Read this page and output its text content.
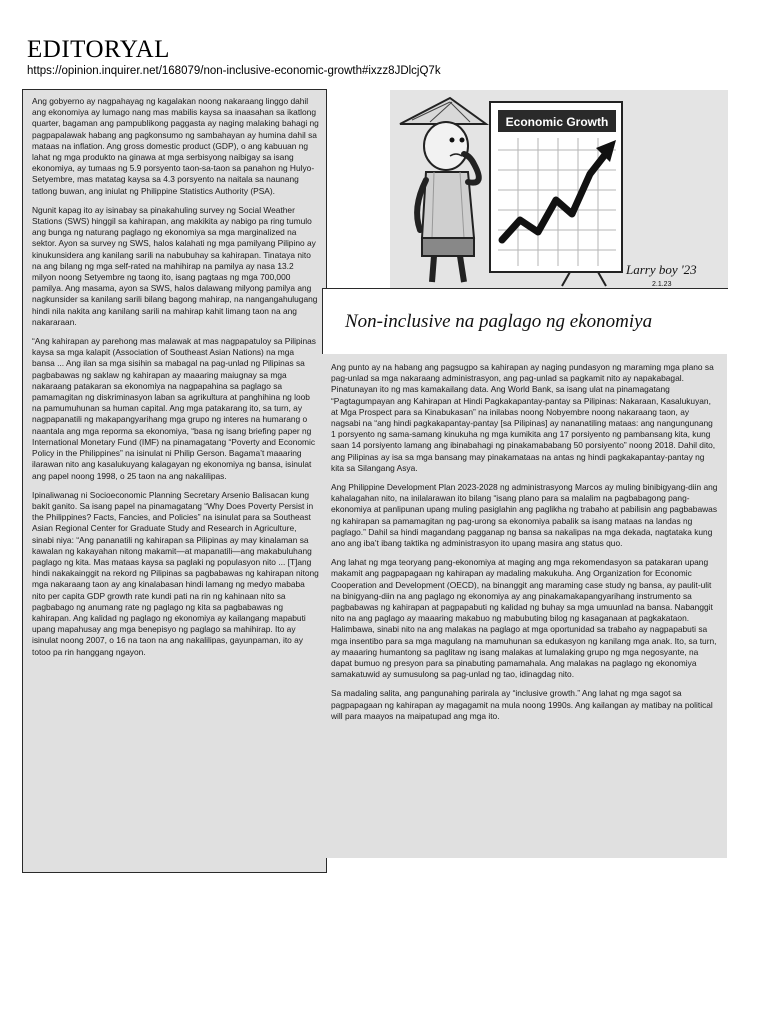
EDITORYAL
https://opinion.inquirer.net/168079/non-inclusive-economic-growth#ixzz8JDlcjQ7k

Ang gobyerno ay nagpahayag ng kagalakan noong nakaraang linggo dahil ang ekonomiya ay lumago nang mas mabilis kaysa sa inaasahan sa ikatlong quarter, bagaman ang pampublikong paggasta ay naging malaking bahagi ng pagpapalawak habang ang pagkonsumo ng sambahayan ay humina dahil sa mataas na inflation. Ang gross domestic product (GDP), o ang kabuuan ng lahat ng mga produkto na ginawa at mga serbisyong naibigay sa isang ekonomiya, ay tumaas ng 5.9 porsyento taon-sa-taon sa panahon ng Hulyo-Setyembre, mas matatag kaysa sa 4.3 porsyento na naitala sa naunang tatlong buwan, ang iniulat ng Philippine Statistics Authority (PSA).

Ngunit kapag ito ay isinabay sa pinakahuling survey ng Social Weather Stations (SWS) hinggil sa kahirapan, ang makikita ay nabigo pa ring tumulo ang bunga ng naturang paglago ng ekonomiya sa mga marginalized na sektor. Ayon sa survey ng SWS, halos kalahati ng mga pamilyang Pilipino ay kinukunsidera ang kanilang sarili na nabubuhay sa kahirapan. Tinataya nito na ang bilang ng mga self-rated na mahihirap na pamilya ay nasa 13.2 milyon noong Setyembre ng taong ito, isang pagtaas ng mga 700,000 pamilya. Ang masama, ayon sa SWS, halos dalawang milyong pamilya ang nagkunsider sa kanilang sarili bilang bagong mahirap, na nangangahulugang hindi nila nakita ang kanilang sarili na mahirap kahit limang taon na ang nakararaan.

“Ang kahirapan ay parehong mas malawak at mas nagpapatuloy sa Pilipinas kaysa sa mga kalapit (Association of Southeast Asian Nations) na mga bansa ... Ang ilan sa mga sisihin sa mabagal na pag-unlad ng Pilipinas sa pagbabawas ng saklaw ng kahirapan ay maaaring maiugnay sa mga nakaraang patakaran sa ekonomiya na nagpapahina sa paglago sa pamamagitan ng diskriminasyon laban sa agrikultura at panghihina ng loob na pamumuhunan sa human capital. Ang mga patakarang ito, sa turn, ay nagpapanatili ng makapangyarihang mga grupo ng interes na humarang o naantala ang mga reporma sa ekonomiya, “basa ng isang briefing paper ng International Monetary Fund (IMF) na pinamagatang “Poverty and Economic Policy in the Philippines” na isinulat ni Philip Gerson. Bagama’t maaaring ilarawan nito ang kasalukuyang kalagayan ng ekonomiya ng bansa, isinulat ang papel noong 1998, o 25 taon na ang nakalilipas.

Ipinaliwanag ni Socioeconomic Planning Secretary Arsenio Balisacan kung bakit ganito. Sa isang papel na pinamagatang “Why Does Poverty Persist in the Philippines? Facts, Fancies, and Policies” na isinulat para sa Southeast Asian Regional Center for Graduate Study and Research in Agriculture, sinabi niya: “Ang pananatili ng kahirapan sa Pilipinas ay may kinalaman sa kawalan ng kakayahan nitong makamit—at mapanatili—ang makabuluhang paglago ng kita. Mas mataas kaysa sa paglaki ng populasyon nito ... [T]ang hindi nakakainggit na rekord ng Pilipinas sa pagbabawas ng kahirapan nitong mga nakaraang taon ay ang kinalabasan hindi lamang ng medyo mababa nito per capita GDP growth rate kundi pati na rin ng kahinaan nito sa pagbabago ng anumang rate ng paglago ng kita sa pagbabawas ng kahirapan. Ang kalidad ng paglago ng ekonomiya ay kailangang mapabuti upang mapahusay ang mga benepisyo ng paglago sa mahihirap. Ito ay isinulat noong 2007, o 16 na taon na ang nakalilipas, gayunpaman, ito ay totoo pa rin hanggang ngayon.

Economic Growth
Larry boy '23
2.1.23
Non-inclusive na paglago ng ekonomiya

Ang punto ay na habang ang pagsugpo sa kahirapan ay naging pundasyon ng maraming mga plano sa pag-unlad sa mga nakaraang administrasyon, ang pag-unlad sa pagkamit nito ay napakabagal. Pinatunayan ito ng mas kamakailang data. Ang World Bank, sa isang ulat na pinamagatang “Pagtagumpayan ang Kahirapan at Hindi Pagkakapantay-pantay sa Pilipinas: Nakaraan, Kasalukuyan, at Mga Prospect para sa Kinabukasan” na inilabas noong Nobyembre noong nakaraang taon, ay nagsabi na “ang hindi pagkakapantay-pantay [sa Pilipinas] ay nananatiling mataas: ang nangungunang 1 porsyento ng sama-samang kinukuha ng mga kumikita ang 17 porsiyento ng pambansang kita, kung saan 14 porsiyento lamang ang ibinabahagi ng pinakamababang 50 porsiyento” noong 2018. Dahil dito, ang Pilipinas ay isa sa mga bansang may pinakamataas na antas ng hindi pagkakapantay-pantay ng kita sa Silangang Asya.

Ang Philippine Development Plan 2023-2028 ng administrasyong Marcos ay muling binibigyang-diin ang kahalagahan nito, na inilalarawan ito bilang “isang plano para sa malalim na pagbabagong pang-ekonomiya at panlipunan upang muling pasiglahin ang paglikha ng trabaho at pabilisin ang pagbabawas ng kahirapan sa pamamagitan ng pag-urong sa ekonomiya pabalik sa isang mataas na landas ng paglago.” Dahil sa hindi magandang pagganap ng bansa sa nakalipas na mga dekada, nagtataka kung ano ang iba’t ibang taktika ng administrasyon ito upang masira ang status quo.

Ang lahat ng mga teoryang pang-ekonomiya at maging ang mga rekomendasyon sa patakaran upang makamit ang pagpapagaan ng kahirapan ay madaling makukuha. Ang Organization for Economic Cooperation and Development (OECD), na binanggit ang maraming case study ng bansa, ay paulit-ulit na binigyang-diin na ang paglago ng ekonomiya ay ang pinakamakapangyarihang instrumento sa pagbabawas ng kahirapan at pagpapabuti ng kalidad ng buhay sa mga umuunlad na bansa. Nabanggit nito na ang paglago ay maaaring makabuo ng mabubuting bilog ng kasaganaan at pagkakataon. Halimbawa, sinabi nito na ang malakas na paglago at mga oportunidad sa trabaho ay nagpapabuti sa mga insentibo para sa mga magulang na mamuhunan sa edukasyon ng kanilang mga anak. Ito, sa turn, ay maaaring humantong sa paglitaw ng isang malakas at lumalaking grupo ng mga negosyante, na dapat bumuo ng presyon para sa pinabuting pamamahala. Ang malakas na paglago ng ekonomiya samakatuwid ay sumusulong sa pag-unlad ng tao, idinagdag nito.

Sa madaling salita, ang pangunahing parirala ay “inclusive growth.” Ang lahat ng mga sagot sa pagpapagaan ng kahirapan ay magagamit na mula noong 1990s. Ang kailangan ay matibay na political will para maayos na maipatupad ang mga ito.
